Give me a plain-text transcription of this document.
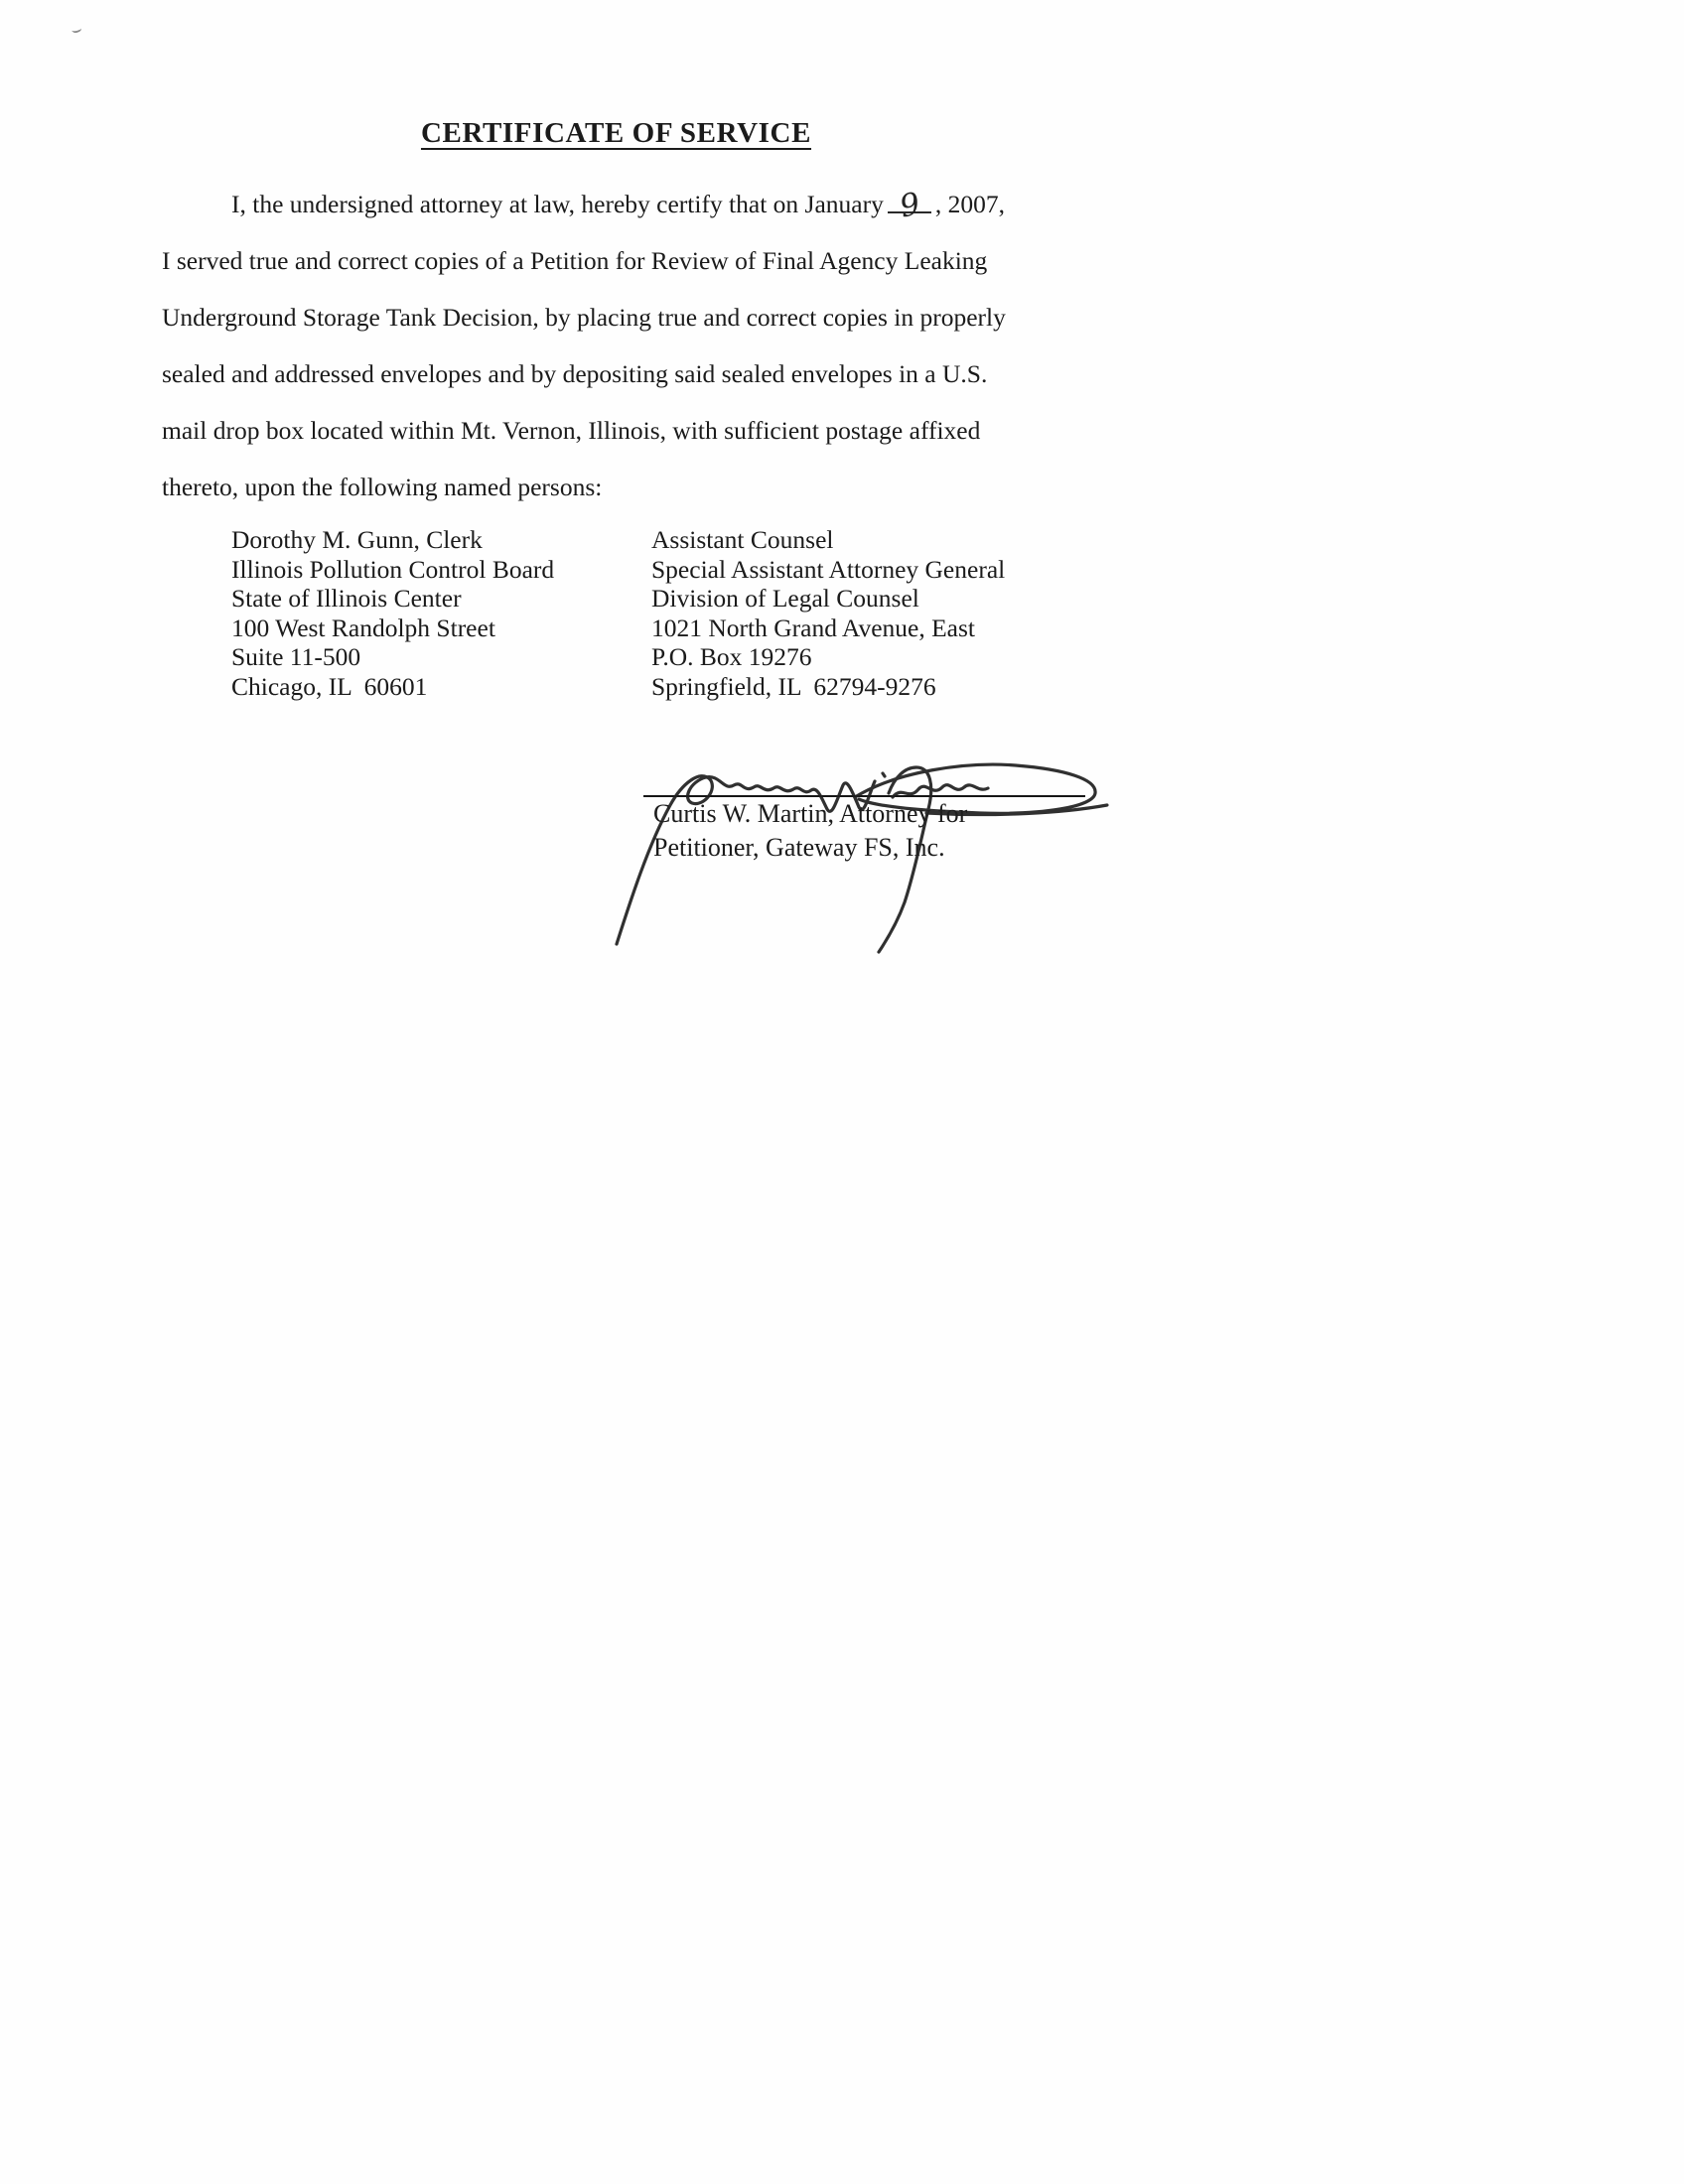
CERTIFICATE OF SERVICE
I, the undersigned attorney at law, hereby certify that on January 9 , 2007,
I served true and correct copies of a Petition for Review of Final Agency Leaking
Underground Storage Tank Decision, by placing true and correct copies in properly
sealed and addressed envelopes and by depositing said sealed envelopes in a U.S.
mail drop box located within Mt. Vernon, Illinois, with sufficient postage affixed
thereto, upon the following named persons:
Dorothy M. Gunn, Clerk
Illinois Pollution Control Board
State of Illinois Center
100 West Randolph Street
Suite 11-500
Chicago, IL  60601
Assistant Counsel
Special Assistant Attorney General
Division of Legal Counsel
1021 North Grand Avenue, East
P.O. Box 19276
Springfield, IL  62794-9276
Curtis W. Martin, Attorney for
Petitioner, Gateway FS, Inc.
